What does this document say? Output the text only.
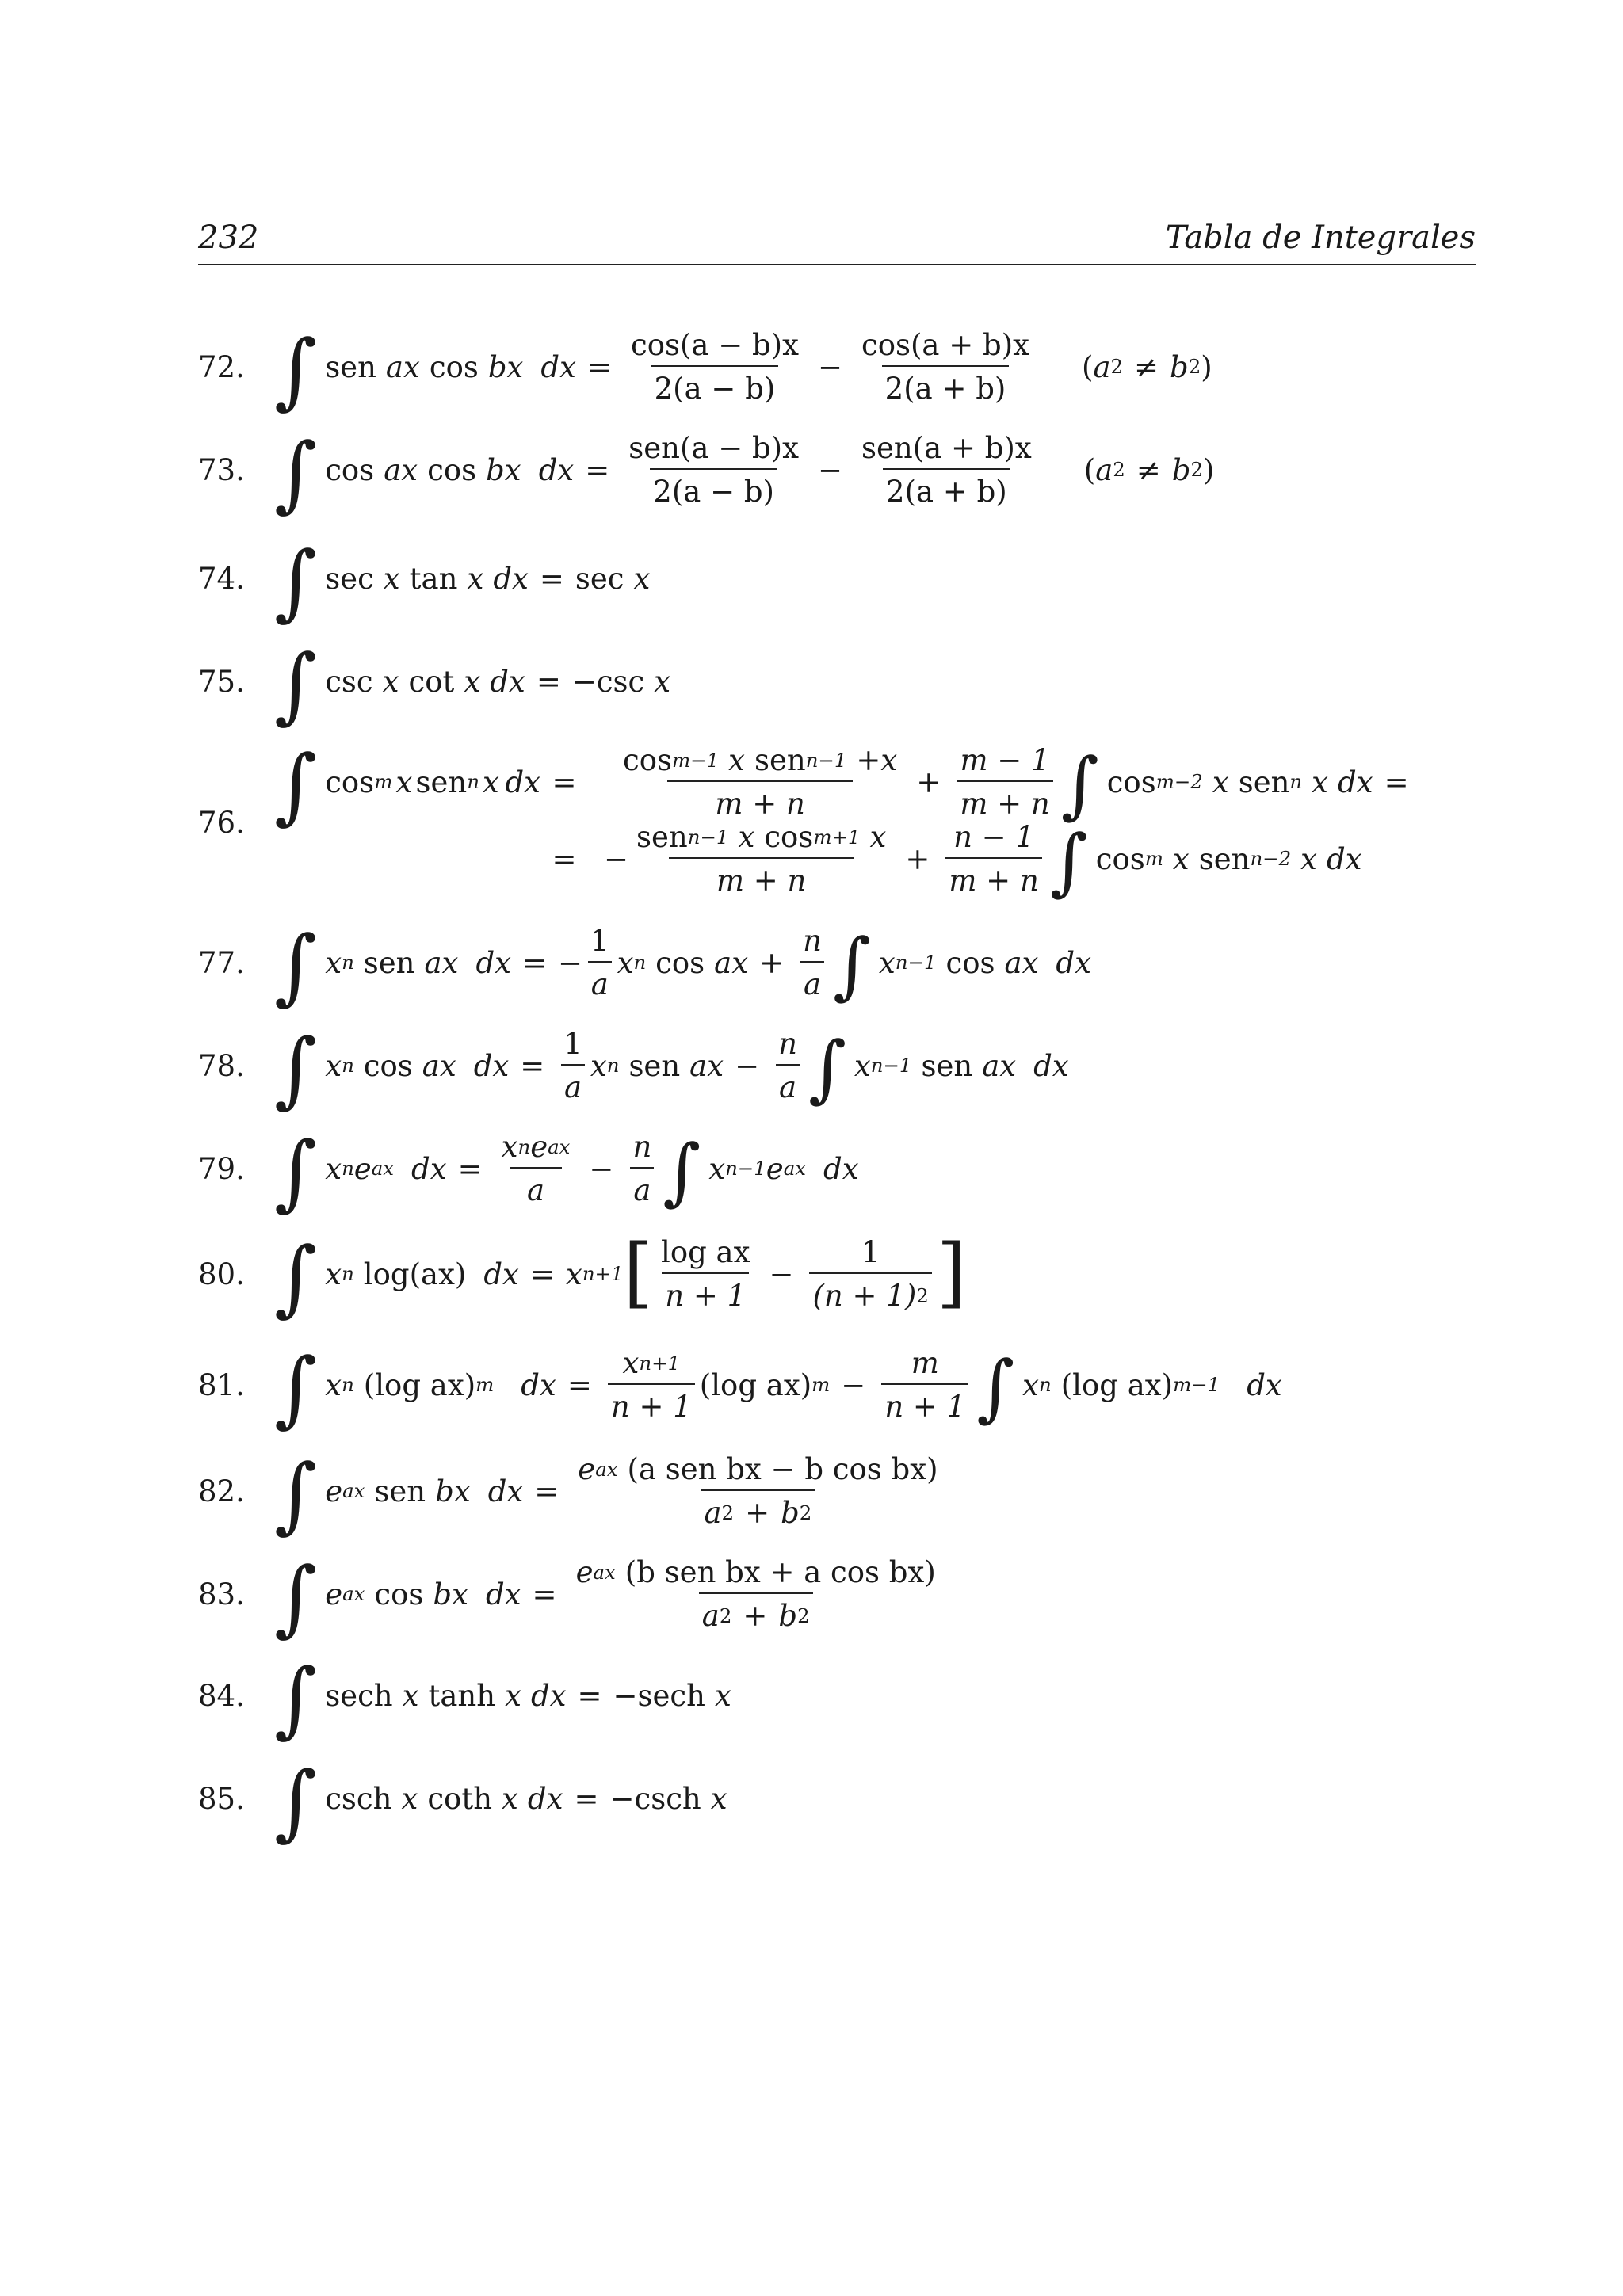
232	Tabla de Integrales
72. ∫ sen ax cos bx dx = $\frac{\cos(a - b)x}{2(a - b)} - \frac{\cos(a + b)x}{2(a + b)}$ ( a 2 ≠ b 2 )
73. ∫ cos ax cos bx dx = $\frac{\text{sen(a − b)x}}{2(a - b)} - \frac{\text{sen(a + b)x}}{2(a + b)}$ ( a 2 ≠ b 2 )
74. ∫ sec x tan x dx = sec x
75. ∫ csc x cot x dx = −csc x
76. ∫ cos m x sen n x dx =	$\frac{\text{cos m−1 x sen n−1 +x}}{m + n} + \frac{m - 1}{m + n}$ ∫ cos m−2 x sen n x dx =
= − $\frac{\text{sen n−1 x cos m+1 x}}{m + n} + \frac{n - 1}{m + n}$ ∫ cos m x sen n−2 x dx
77. ∫ x n sen ax dx = − $\frac{1}{a}$ x n cos ax + $\frac{n}{a}$ ∫ x n−1 cos ax dx
78. ∫ x n cos ax dx = $\frac{1}{a}$ x n sen ax − $\frac{n}{a}$ ∫ x n−1 sen ax dx
79. ∫ x n e ax dx = $\frac{\text{x n e ax}}{a} - \frac{n}{a}$ ∫ x n−1 e ax dx
80. ∫ x n log(ax) dx = x n+1 [ $\frac{\text{log ax}}{n + 1} - \frac{1}{(n + 1) 2}$ ]
81. ∫ x n (log ax) m dx = $\frac{\text{x n+1}}{n + 1} (\log$ ax) $m - \frac{m}{n + 1}$ ∫ x n (log ax) m−1 dx
82. ∫ e ax sen bx dx = $\frac{\text{e ax (a sen bx − b cos bx)}}{a 2 + b 2}$
83. ∫ e ax cos bx dx = $\frac{\text{e ax (b sen bx + a cos bx)}}{a 2 + b 2}$
84. ∫ sech x tanh x dx = −sech x
85. ∫ csch x coth x dx = −csch x
